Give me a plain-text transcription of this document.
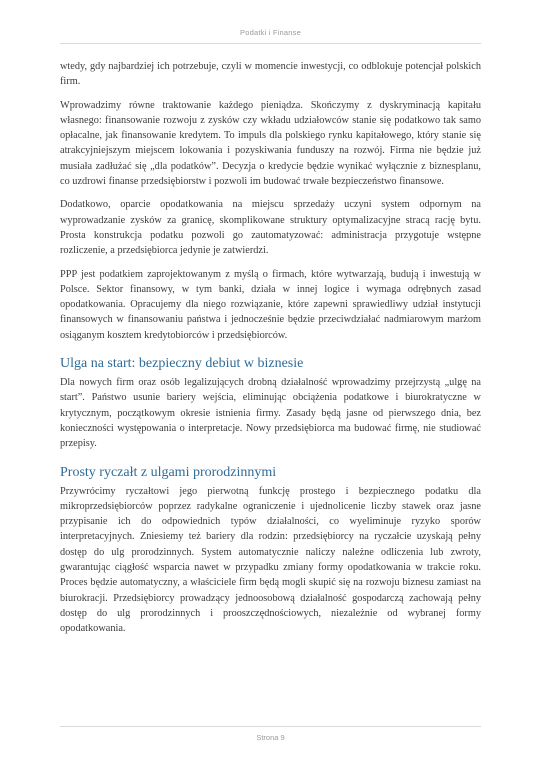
Podatki i Finanse

wtedy, gdy najbardziej ich potrzebuje, czyli w momencie inwestycji, co odblokuje potencjał polskich firm.

Wprowadzimy równe traktowanie każdego pieniądza. Skończymy z dyskryminacją kapitału własnego: finansowanie rozwoju z zysków czy wkładu udziałowców stanie się podatkowo tak samo opłacalne, jak finansowanie kredytem. To impuls dla polskiego rynku kapitałowego, który stanie się atrakcyjniejszym miejscem lokowania i pozyskiwania funduszy na rozwój. Firma nie będzie już musiała zadłużać się „dla podatków”. Decyzja o kredycie będzie wynikać wyłącznie z biznesplanu, co uzdrowi finanse przedsiębiorstw i pozwoli im budować trwałe bezpieczeństwo finansowe.

Dodatkowo, oparcie opodatkowania na miejscu sprzedaży uczyni system odpornym na wyprowadzanie zysków za granicę, skomplikowane struktury optymalizacyjne stracą rację bytu. Prosta konstrukcja podatku pozwoli go zautomatyzować: administracja przygotuje wstępne rozliczenie, a przedsiębiorca jedynie je zatwierdzi.

PPP jest podatkiem zaprojektowanym z myślą o firmach, które wytwarzają, budują i inwestują w Polsce. Sektor finansowy, w tym banki, działa w innej logice i wymaga odrębnych zasad opodatkowania. Opracujemy dla niego rozwiązanie, które zapewni sprawiedliwy udział instytucji finansowych w finansowaniu państwa i jednocześnie będzie przeciwdziałać nadmiarowym marżom osiąganym kosztem kredytobiorców i przedsiębiorców.

Ulga na start: bezpieczny debiut w biznesie

Dla nowych firm oraz osób legalizujących drobną działalność wprowadzimy przejrzystą „ulgę na start”. Państwo usunie bariery wejścia, eliminując obciążenia podatkowe i biurokratyczne w krytycznym, początkowym okresie istnienia firmy. Zasady będą jasne od pierwszego dnia, bez konieczności występowania o interpretacje. Nowy przedsiębiorca ma budować firmę, nie studiować przepisy.

Prosty ryczałt z ulgami prorodzinnymi

Przywrócimy ryczałtowi jego pierwotną funkcję prostego i bezpiecznego podatku dla mikroprzedsiębiorców poprzez radykalne ograniczenie i ujednolicenie liczby stawek oraz jasne przypisanie ich do odpowiednich typów działalności, co wyeliminuje ryzyko sporów interpretacyjnych. Zniesiemy też bariery dla rodzin: przedsiębiorcy na ryczałcie uzyskają pełny dostęp do ulg prorodzinnych. System automatycznie naliczy należne odliczenia lub zwroty, gwarantując ciągłość wsparcia nawet w przypadku zmiany formy opodatkowania w trakcie roku. Proces będzie automatyczny, a właściciele firm będą mogli skupić się na rozwoju biznesu zamiast na biurokracji. Przedsiębiorcy prowadzący jednoosobową działalność gospodarczą zachowają pełny dostęp do ulg prorodzinnych i prooszczędnościowych, niezależnie od wybranej formy opodatkowania.

Strona 9
